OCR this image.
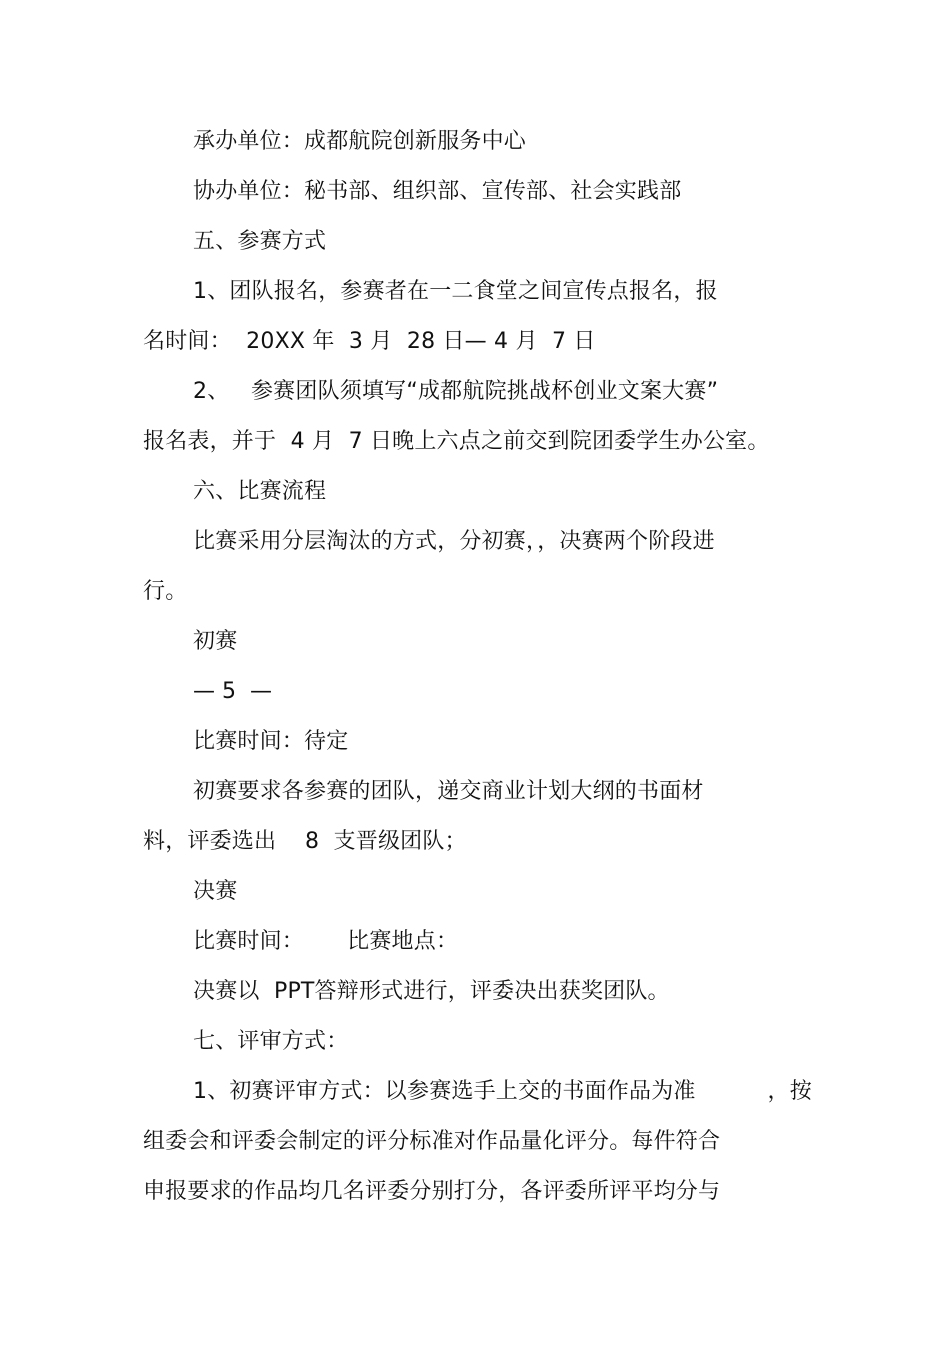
承办单位：成都航院创新服务中心
协办单位：秘书部、组织部、宣传部、社会实践部
五、参赛方式
1、团队报名，参赛者在一二食堂之间宣传点报名，报
名时间：  20XX 年  3 月  28 日— 4 月  7 日
2、   参赛团队须填写“成都航院挑战杯创业文案大赛”
报名表，并于  4 月  7 日晚上六点之前交到院团委学生办公室。
六、比赛流程
比赛采用分层淘汰的方式，分初赛，，决赛两个阶段进
行。
初赛
— 5  —
比赛时间：待定
初赛要求各参赛的团队，递交商业计划大纲的书面材
料，评委选出    8  支晋级团队；
决赛
比赛时间：      比赛地点：
决赛以  PPT答辩形式进行，评委决出获奖团队。
七、评审方式：
1、初赛评审方式：以参赛选手上交的书面作品为准          ，按
组委会和评委会制定的评分标准对作品量化评分。每件符合
申报要求的作品均几名评委分别打分，各评委所评平均分与
